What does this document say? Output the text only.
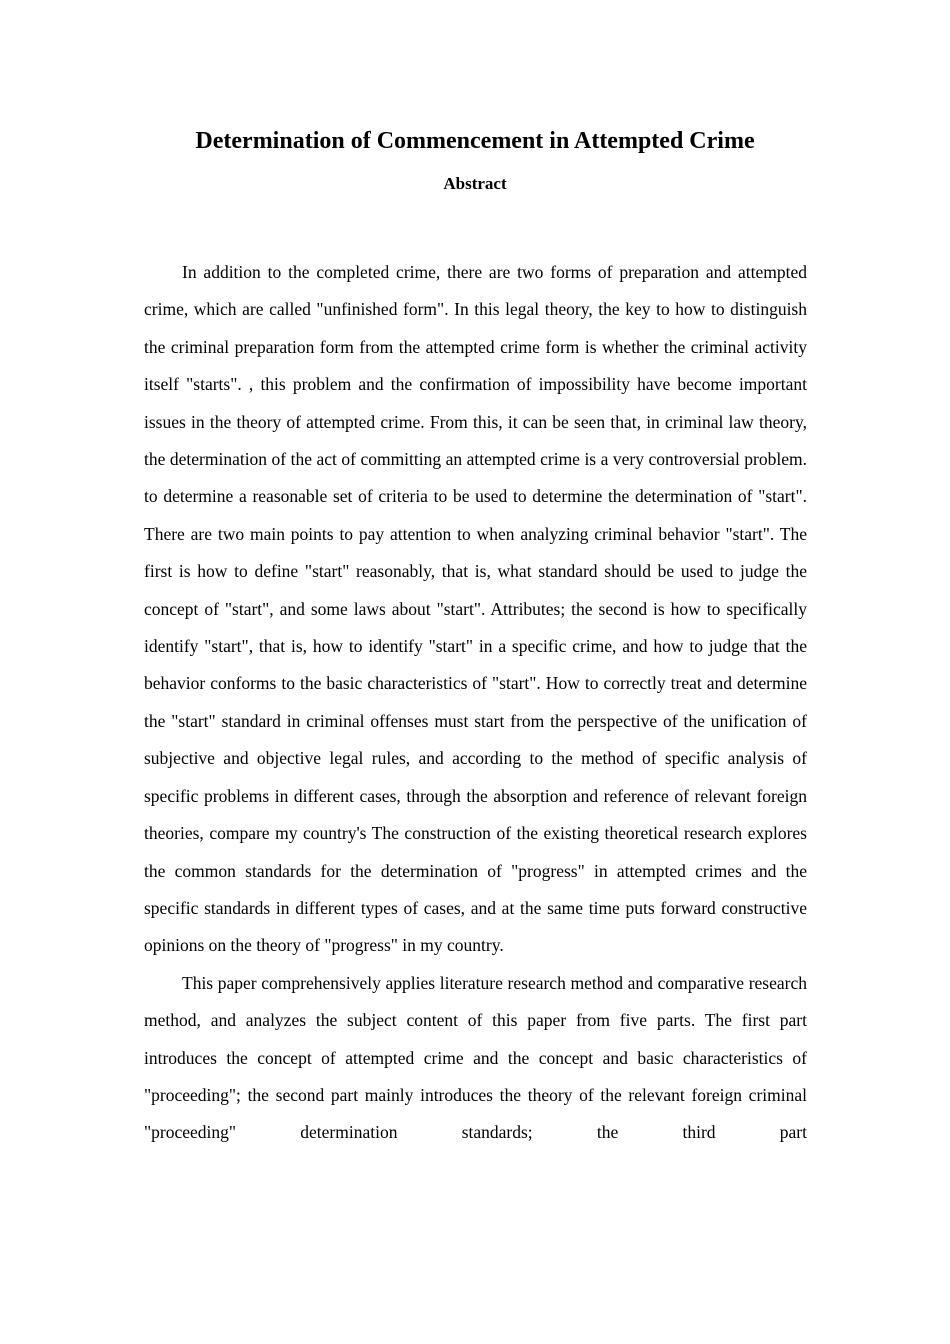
Determination of Commencement in Attempted Crime
Abstract

In addition to the completed crime, there are two forms of preparation and attempted crime, which are called "unfinished form". In this legal theory, the key to how to distinguish the criminal preparation form from the attempted crime form is whether the criminal activity itself "starts". , this problem and the confirmation of impossibility have become important issues in the theory of attempted crime. From this, it can be seen that, in criminal law theory, the determination of the act of committing an attempted crime is a very controversial problem. to determine a reasonable set of criteria to be used to determine the determination of "start". There are two main points to pay attention to when analyzing criminal behavior "start". The first is how to define "start" reasonably, that is, what standard should be used to judge the concept of "start", and some laws about "start". Attributes; the second is how to specifically identify "start", that is, how to identify "start" in a specific crime, and how to judge that the behavior conforms to the basic characteristics of "start". How to correctly treat and determine the "start" standard in criminal offenses must start from the perspective of the unification of subjective and objective legal rules, and according to the method of specific analysis of specific problems in different cases, through the absorption and reference of relevant foreign theories, compare my country's The construction of the existing theoretical research explores the common standards for the determination of "progress" in attempted crimes and the specific standards in different types of cases, and at the same time puts forward constructive opinions on the theory of "progress" in my country.

This paper comprehensively applies literature research method and comparative research method, and analyzes the subject content of this paper from five parts. The first part introduces the concept of attempted crime and the concept and basic characteristics of "proceeding"; the second part mainly introduces the theory of the relevant foreign criminal "proceeding" determination standards; the third part
